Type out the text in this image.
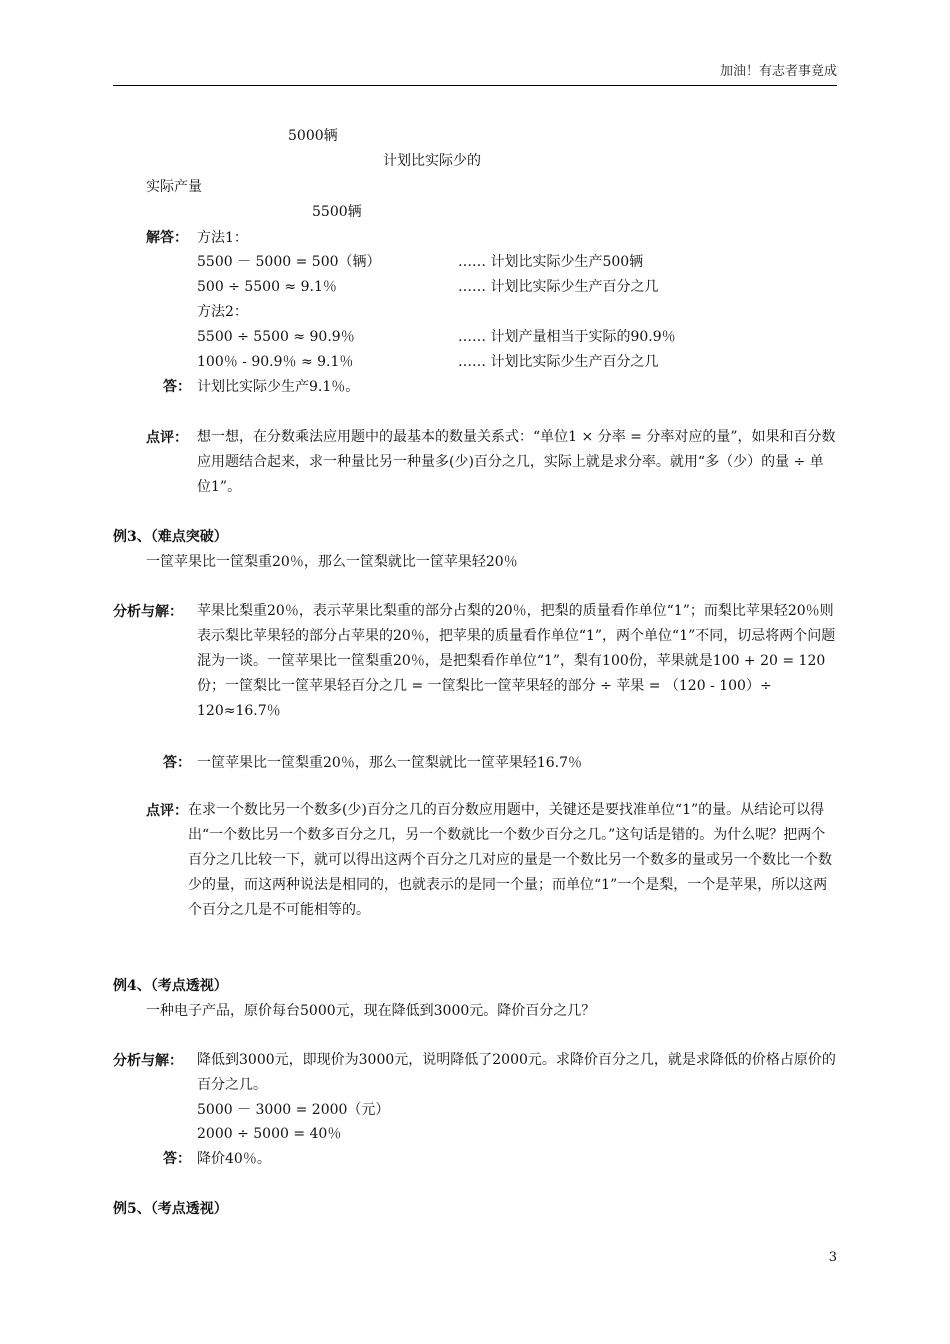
加油！有志者事竟成
5000辆
计划比实际少的
实际产量
5500辆
解答： 方法1：
5500 － 5000 = 500（辆）	…… 计划比实际少生产500辆
500 ÷ 5500 ≈ 9.1％	…… 计划比实际少生产百分之几
方法2：
5500 ÷ 5500 ≈ 90.9％	…… 计划产量相当于实际的90.9％
100％ - 90.9％ ≈ 9.1％	…… 计划比实际少生产百分之几
答： 计划比实际少生产9.1％。
点评： 想一想，在分数乘法应用题中的最基本的数量关系式：“单位1 × 分率 = 分率对应的量”，如果和百分数应用题结合起来，求一种量比另一种量多(少)百分之几，实际上就是求分率。就用“多（少）的量 ÷ 单位1”。
例3、（难点突破）
一筐苹果比一筐梨重20％，那么一筐梨就比一筐苹果轻20％
分析与解： 苹果比梨重20％，表示苹果比梨重的部分占梨的20％，把梨的质量看作单位“1”；而梨比苹果轻20％则表示梨比苹果轻的部分占苹果的20％，把苹果的质量看作单位“1”，两个单位“1”不同，切忌将两个问题混为一谈。一筐苹果比一筐梨重20％，是把梨看作单位“1”，梨有100份，苹果就是100 + 20 = 120份；一筐梨比一筐苹果轻百分之几 = 一筐梨比一筐苹果轻的部分 ÷ 苹果 = （120 - 100）÷ 120≈16.7％
答： 一筐苹果比一筐梨重20％，那么一筐梨就比一筐苹果轻16.7％
点评： 在求一个数比另一个数多(少)百分之几的百分数应用题中，关键还是要找准单位“1”的量。从结论可以得出“一个数比另一个数多百分之几，另一个数就比一个数少百分之几。”这句话是错的。为什么呢？把两个百分之几比较一下，就可以得出这两个百分之几对应的量是一个数比另一个数多的量或另一个数比一个数少的量，而这两种说法是相同的，也就表示的是同一个量；而单位“1”一个是梨，一个是苹果，所以这两个百分之几是不可能相等的。
例4、（考点透视）
一种电子产品，原价每台5000元，现在降低到3000元。降价百分之几？
分析与解： 降低到3000元，即现价为3000元，说明降低了2000元。求降价百分之几，就是求降低的价格占原价的百分之几。
5000 － 3000 = 2000（元）
2000 ÷ 5000 = 40％
答： 降价40％。
例5、（考点透视）
3
